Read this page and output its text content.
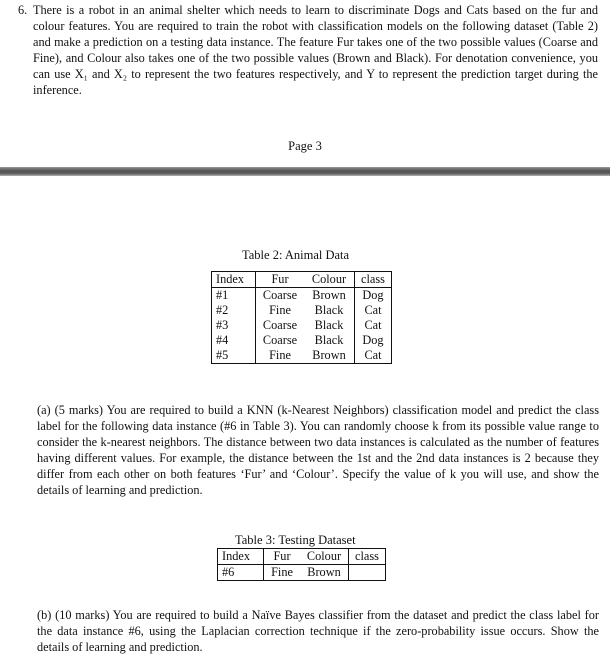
6. There is a robot in an animal shelter which needs to learn to discriminate Dogs and Cats based on the fur and colour features. You are required to train the robot with classification models on the following dataset (Table 2) and make a prediction on a testing data instance. The feature Fur takes one of the two possible values (Coarse and Fine), and Colour also takes one of the two possible values (Brown and Black). For denotation convenience, you can use X₁ and X₂ to represent the two features respectively, and Y to represent the prediction target during the inference.
Page 3
Table 2: Animal Data
Index	Fur	Colour	class
#1	Coarse	Brown	Dog
#2	Fine	Black	Cat
#3	Coarse	Black	Cat
#4	Coarse	Black	Dog
#5	Fine	Brown	Cat
(a) (5 marks) You are required to build a KNN (k-Nearest Neighbors) classification model and predict the class label for the following data instance (#6 in Table 3). You can randomly choose k from its possible value range to consider the k-nearest neighbors. The distance between two data instances is calculated as the number of features having different values. For example, the distance between the 1st and the 2nd data instances is 2 because they differ from each other on both features ‘Fur’ and ‘Colour’. Specify the value of k you will use, and show the details of learning and prediction.
Table 3: Testing Dataset
Index	Fur	Colour	class
#6	Fine	Brown	
(b) (10 marks) You are required to build a Naïve Bayes classifier from the dataset and predict the class label for the data instance #6, using the Laplacian correction technique if the zero-probability issue occurs. Show the details of learning and prediction.
